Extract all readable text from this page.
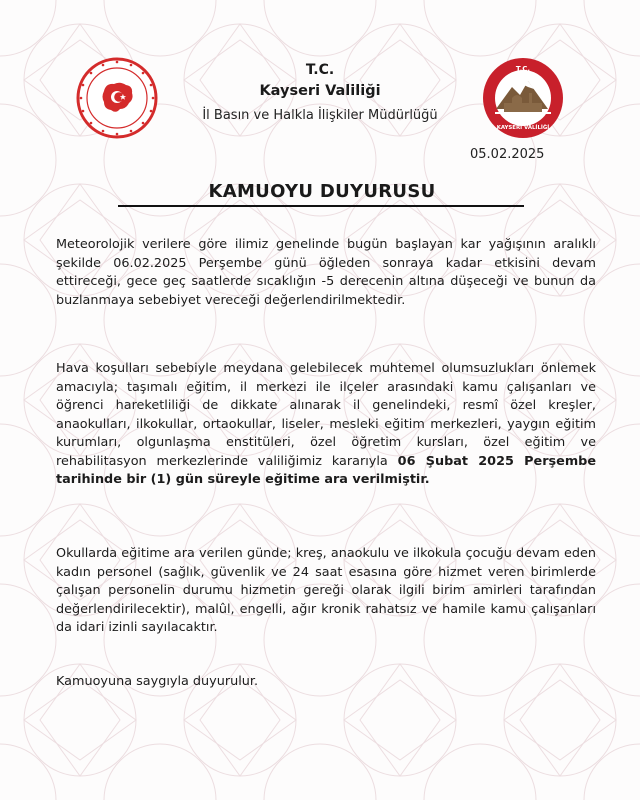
T.C.
Kayseri Valiliği
İl Basın ve Halkla İlişkiler Müdürlüğü
T.C.
KAYSERİ VALİLİĞİ
05.02.2025
KAMUOYU DUYURUSU
Meteorolojik verilere göre ilimiz genelinde bugün başlayan kar yağışının aralıklı şekilde 06.02.2025 Perşembe günü öğleden sonraya kadar etkisini devam ettireceği, gece geç saatlerde sıcaklığın -5 derecenin altına düşeceği ve bunun da buzlanmaya sebebiyet vereceği değerlendirilmektedir.
Hava koşulları sebebiyle meydana gelebilecek muhtemel olumsuzlukları önlemek amacıyla; taşımalı eğitim, il merkezi ile ilçeler arasındaki kamu çalışanları ve öğrenci hareketliliği de dikkate alınarak il genelindeki, resmî özel kreşler, anaokulları, ilkokullar, ortaokullar, liseler, mesleki eğitim merkezleri, yaygın eğitim kurumları, olgunlaşma enstitüleri, özel öğretim kursları, özel eğitim ve rehabilitasyon merkezlerinde valiliğimiz kararıyla 06 Şubat 2025 Perşembe tarihinde bir (1) gün süreyle eğitime ara verilmiştir.
Okullarda eğitime ara verilen günde; kreş, anaokulu ve ilkokula çocuğu devam eden kadın personel (sağlık, güvenlik ve 24 saat esasına göre hizmet veren birimlerde çalışan personelin durumu hizmetin gereği olarak ilgili birim amirleri tarafından değerlendirilecektir), malûl, engelli, ağır kronik rahatsız ve hamile kamu çalışanları da idari izinli sayılacaktır.
Kamuoyuna saygıyla duyurulur.
